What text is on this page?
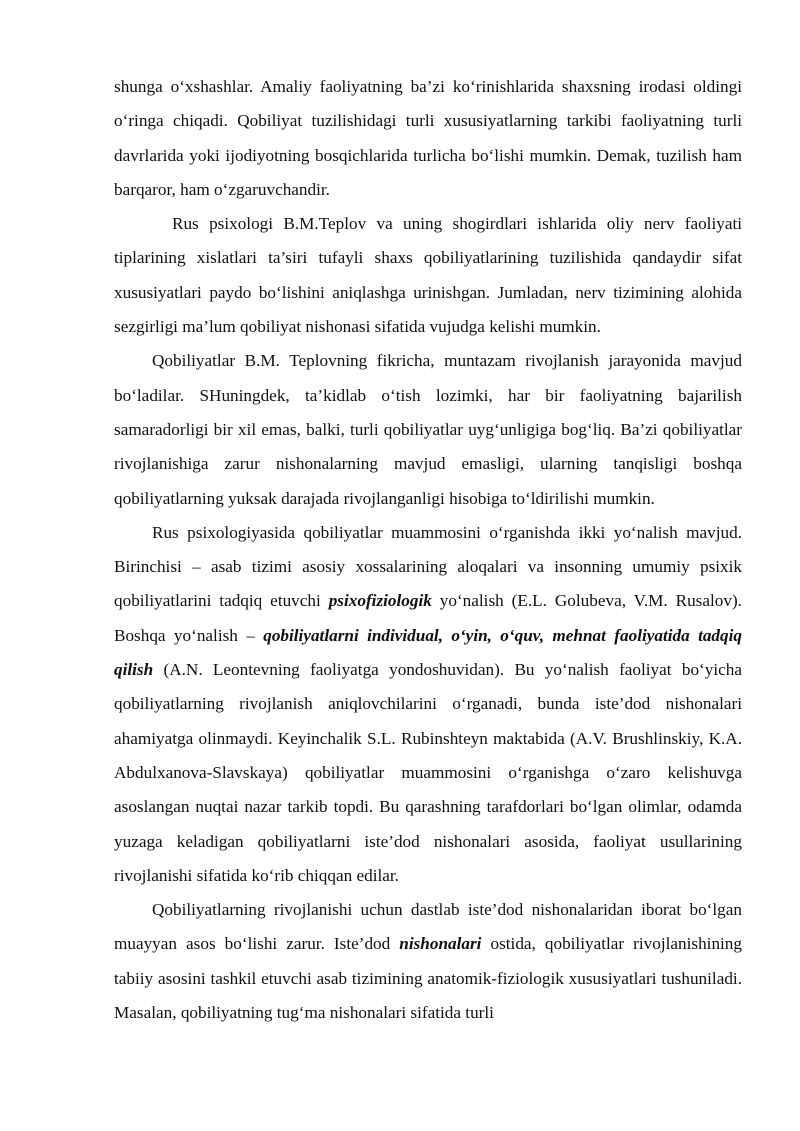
shunga o‘xshashlar. Amaliy faoliyatning ba’zi ko‘rinishlarida shaxsning irodasi oldingi o‘ringa chiqadi. Qobiliyat tuzilishidagi turli xususiyatlarning tarkibi faoliyatning turli davrlarida yoki ijodiyotning bosqichlarida turlicha bo‘lishi mumkin. Demak, tuzilish ham barqaror, ham o‘zgaruvchandir.

Rus psixologi B.M.Teplov va uning shogirdlari ishlarida oliy nerv faoliyati tiplarining xislatlari ta’siri tufayli shaxs qobiliyatlarining tuzilishida qandaydir sifat xususiyatlari paydo bo‘lishini aniqlashga urinishgan. Jumladan, nerv tizimining alohida sezgirligi ma’lum qobiliyat nishonasi sifatida vujudga kelishi mumkin.

Qobiliyatlar B.M. Teplovning fikricha, muntazam rivojlanish jarayonida mavjud bo‘ladilar. SHuningdek, ta’kidlab o‘tish lozimki, har bir faoliyatning bajarilish samaradorligi bir xil emas, balki, turli qobiliyatlar uyg‘unligiga bog‘liq. Ba’zi qobiliyatlar rivojlanishiga zarur nishonalarning mavjud emasligi, ularning tanqisligi boshqa qobiliyatlarning yuksak darajada rivojlanganligi hisobiga to‘ldirilishi mumkin.

Rus psixologiyasida qobiliyatlar muammosini o‘rganishda ikki yo‘nalish mavjud. Birinchisi – asab tizimi asosiy xossalarining aloqalari va insonning umumiy psixik qobiliyatlarini tadqiq etuvchi psixofiziologik yo‘nalish (E.L. Golubeva, V.M. Rusalov). Boshqa yo‘nalish – qobiliyatlarni individual, o‘yin, o‘quv, mehnat faoliyatida tadqiq qilish (A.N. Leontevning faoliyatga yondoshuvidan). Bu yo‘nalish faoliyat bo‘yicha qobiliyatlarning rivojlanish aniqlovchilarini o‘rganadi, bunda iste’dod nishonalari ahamiyatga olinmaydi. Keyinchalik S.L. Rubinshteyn maktabida (A.V. Brushlinskiy, K.A. Abdulxanova-Slavskaya) qobiliyatlar muammosini o‘rganishga o‘zaro kelishuvga asoslangan nuqtai nazar tarkib topdi. Bu qarashning tarafdorlari bo‘lgan olimlar, odamda yuzaga keladigan qobiliyatlarni iste’dod nishonalari asosida, faoliyat usullarining rivojlanishi sifatida ko‘rib chiqqan edilar.

Qobiliyatlarning rivojlanishi uchun dastlab iste’dod nishonalaridan iborat bo‘lgan muayyan asos bo‘lishi zarur. Iste’dod nishonalari ostida, qobiliyatlar rivojlanishining tabiiy asosini tashkil etuvchi asab tizimining anatomik-fiziologik xususiyatlari tushuniladi. Masalan, qobiliyatning tug‘ma nishonalari sifatida turli
